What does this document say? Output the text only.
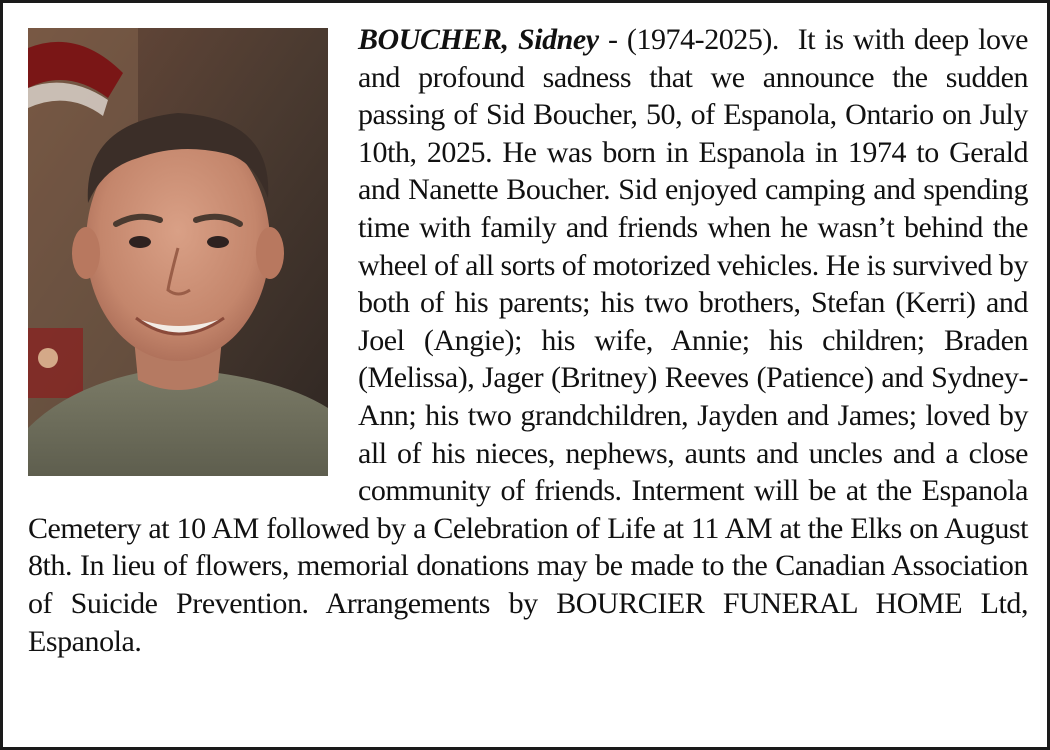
BOUCHER, Sidney - (1974-2025). It is with deep love and profound sadness that we announce the sudden passing of Sid Boucher, 50, of Espanola, Ontario on July 10th, 2025. He was born in Espanola in 1974 to Gerald and Nanette Boucher. Sid enjoyed camping and spending time with family and friends when he wasn’t behind the wheel of all sorts of motorized vehicles. He is survived by both of his parents; his two brothers, Stefan (Kerri) and Joel (Angie); his wife, Annie; his children; Braden (Melissa), Jager (Britney) Reeves (Patience) and Sydney-Ann; his two grandchildren, Jayden and James; loved by all of his nieces, nephews, aunts and uncles and a close community of friends. Interment will be at the Espanola Cemetery at 10 AM followed by a Celebration of Life at 11 AM at the Elks on August 8th. In lieu of flowers, memorial donations may be made to the Canadian Association of Suicide Prevention. Arrangements by BOURCIER FUNERAL HOME Ltd, Espanola.
